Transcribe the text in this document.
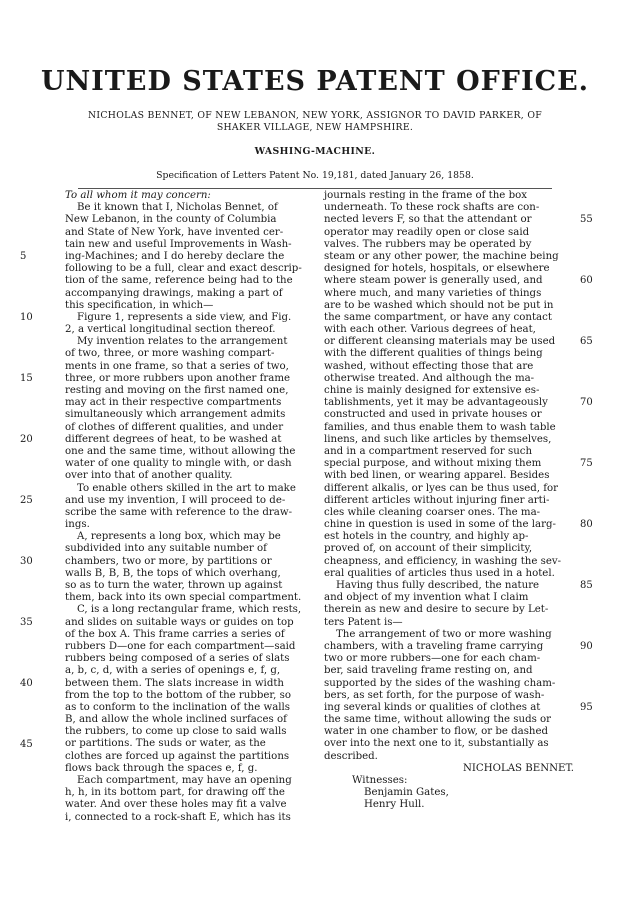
UNITED STATES PATENT OFFICE.
NICHOLAS BENNET, OF NEW LEBANON, NEW YORK, ASSIGNOR TO DAVID PARKER, OF
SHAKER VILLAGE, NEW HAMPSHIRE.
WASHING-MACHINE.
Specification of Letters Patent No. 19,181, dated January 26, 1858.
To all whom it may concern:
Be it known that I, Nicholas Bennet, of
New Lebanon, in the county of Columbia
and State of New York, have invented cer-
tain new and useful Improvements in Wash-
ing-Machines; and I do hereby declare the
following to be a full, clear and exact descrip-
tion of the same, reference being had to the
accompanying drawings, making a part of
this specification, in which—
Figure 1, represents a side view, and Fig.
2, a vertical longitudinal section thereof.
My invention relates to the arrangement
of two, three, or more washing compart-
ments in one frame, so that a series of two,
three, or more rubbers upon another frame
resting and moving on the first named one,
may act in their respective compartments
simultaneously which arrangement admits
of clothes of different qualities, and under
different degrees of heat, to be washed at
one and the same time, without allowing the
water of one quality to mingle with, or dash
over into that of another quality.
To enable others skilled in the art to make
and use my invention, I will proceed to de-
scribe the same with reference to the draw-
ings.
A, represents a long box, which may be
subdivided into any suitable number of
chambers, two or more, by partitions or
walls B, B, B, the tops of which overhang,
so as to turn the water, thrown up against
them, back into its own special compartment.
C, is a long rectangular frame, which rests,
and slides on suitable ways or guides on top
of the box A. This frame carries a series of
rubbers D—one for each compartment—said
rubbers being composed of a series of slats
a, b, c, d, with a series of openings e, f, g,
between them. The slats increase in width
from the top to the bottom of the rubber, so
as to conform to the inclination of the walls
B, and allow the whole inclined surfaces of
the rubbers, to come up close to said walls
or partitions. The suds or water, as the
clothes are forced up against the partitions
flows back through the spaces e, f, g.
Each compartment, may have an opening
h, h, in its bottom part, for drawing off the
water. And over these holes may fit a valve
i, connected to a rock-shaft E, which has its
journals resting in the frame of the box
underneath. To these rock shafts are con-
nected levers F, so that the attendant or
operator may readily open or close said
valves. The rubbers may be operated by
steam or any other power, the machine being
designed for hotels, hospitals, or elsewhere
where steam power is generally used, and
where much, and many varieties of things
are to be washed which should not be put in
the same compartment, or have any contact
with each other. Various degrees of heat,
or different cleansing materials may be used
with the different qualities of things being
washed, without effecting those that are
otherwise treated. And although the ma-
chine is mainly designed for extensive es-
tablishments, yet it may be advantageously
constructed and used in private houses or
families, and thus enable them to wash table
linens, and such like articles by themselves,
and in a compartment reserved for such
special purpose, and without mixing them
with bed linen, or wearing apparel. Besides
different alkalis, or lyes can be thus used, for
different articles without injuring finer arti-
cles while cleaning coarser ones. The ma-
chine in question is used in some of the larg-
est hotels in the country, and highly ap-
proved of, on account of their simplicity,
cheapness, and efficiency, in washing the sev-
eral qualities of articles thus used in a hotel.
Having thus fully described, the nature
and object of my invention what I claim
therein as new and desire to secure by Let-
ters Patent is—
The arrangement of two or more washing
chambers, with a traveling frame carrying
two or more rubbers—one for each cham-
ber, said traveling frame resting on, and
supported by the sides of the washing cham-
bers, as set forth, for the purpose of wash-
ing several kinds or qualities of clothes at
the same time, without allowing the suds or
water in one chamber to flow, or be dashed
over into the next one to it, substantially as
described.
NICHOLAS BENNET.
Witnesses:
Benjamin Gates,
Henry Hull.
5
10
15
20
25
30
35
40
45
55
60
65
70
75
80
85
90
95
